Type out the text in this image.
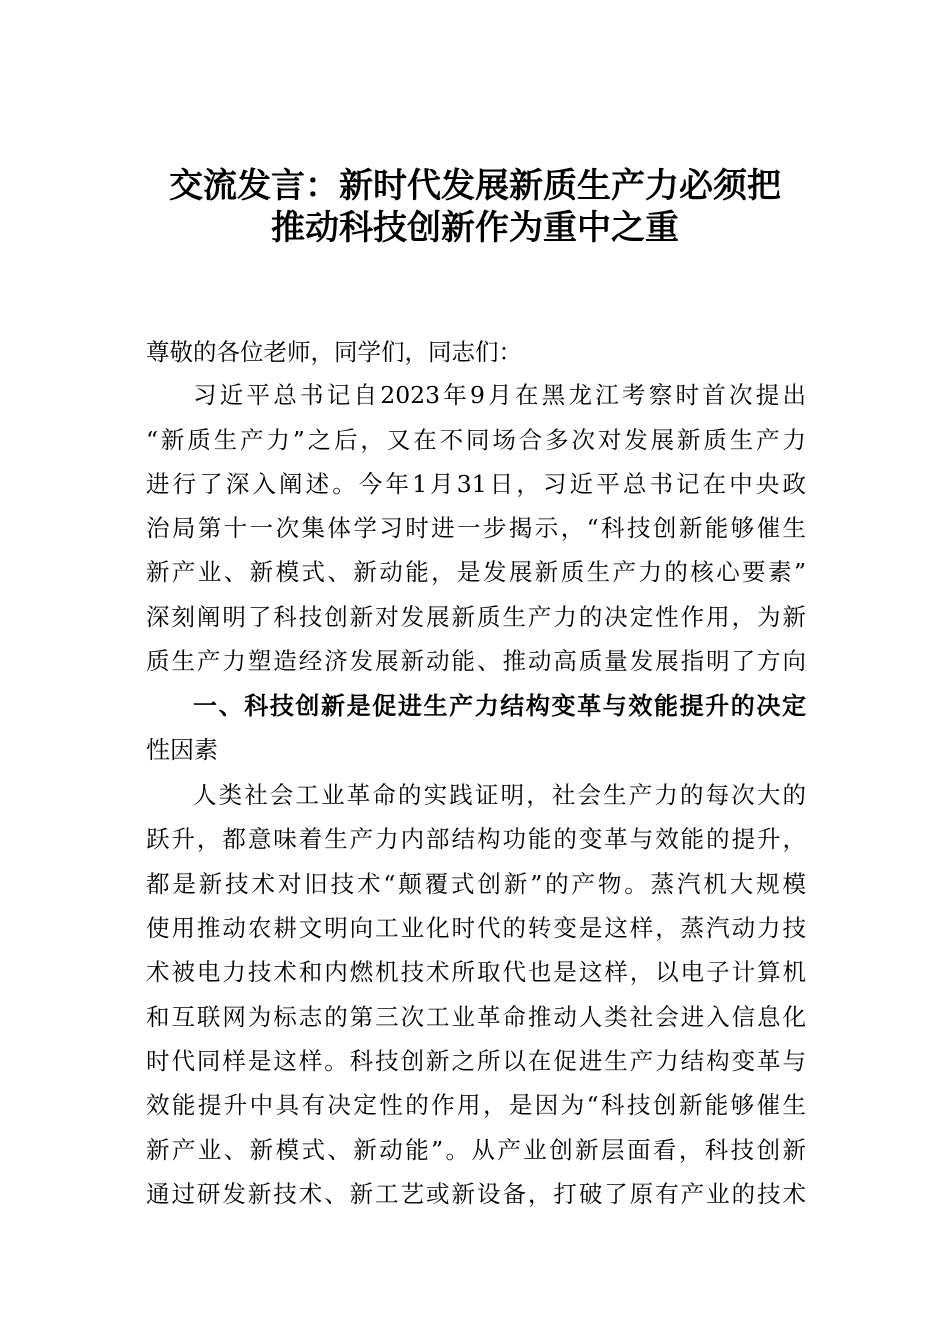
交流发言：新时代发展新质生产力必须把
推动科技创新作为重中之重
尊敬的各位老师，同学们，同志们：
习近平总书记自2023年9月在黑龙江考察时首次提出
“新质生产力”之后，又在不同场合多次对发展新质生产力
进行了深入阐述。今年1月31日，习近平总书记在中央政
治局第十一次集体学习时进一步揭示，“科技创新能够催生
新产业、新模式、新动能，是发展新质生产力的核心要素”
深刻阐明了科技创新对发展新质生产力的决定性作用，为新
质生产力塑造经济发展新动能、推动高质量发展指明了方向
一、科技创新是促进生产力结构变革与效能提升的决定
性因素
人类社会工业革命的实践证明，社会生产力的每次大的
跃升，都意味着生产力内部结构功能的变革与效能的提升，
都是新技术对旧技术“颠覆式创新”的产物。蒸汽机大规模
使用推动农耕文明向工业化时代的转变是这样，蒸汽动力技
术被电力技术和内燃机技术所取代也是这样，以电子计算机
和互联网为标志的第三次工业革命推动人类社会进入信息化
时代同样是这样。科技创新之所以在促进生产力结构变革与
效能提升中具有决定性的作用，是因为“科技创新能够催生
新产业、新模式、新动能”。从产业创新层面看，科技创新
通过研发新技术、新工艺或新设备，打破了原有产业的技术
